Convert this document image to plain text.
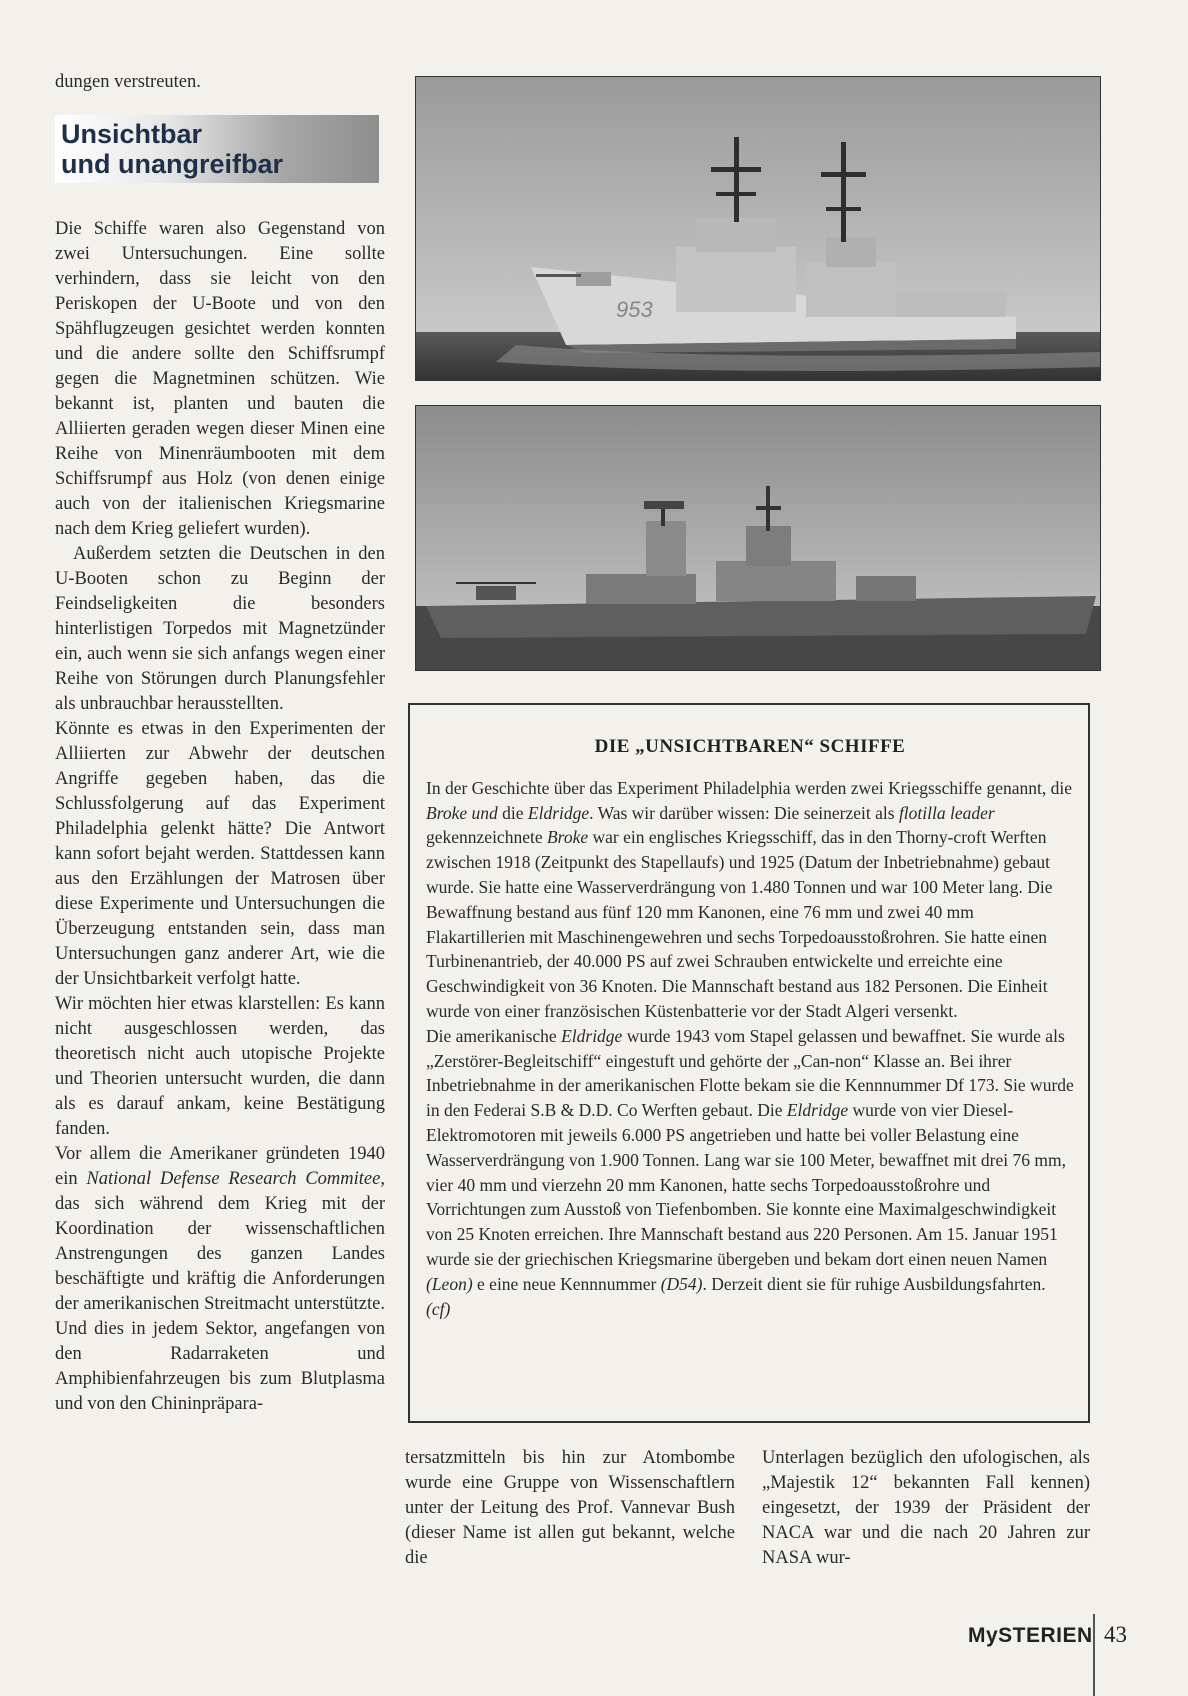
dungen verstreuten.

Unsichtbar
und unangreifbar

Die Schiffe waren also Gegenstand von zwei Untersuchungen. Eine sollte verhindern, dass sie leicht von den Periskopen der U-Boote und von den Spähflugzeugen gesichtet werden konnten und die andere sollte den Schiffsrumpf gegen die Magnetminen schützen. Wie bekannt ist, planten und bauten die Alliierten geraden wegen dieser Minen eine Reihe von Minenräumbooten mit dem Schiffsrumpf aus Holz (von denen einige auch von der italienischen Kriegsmarine nach dem Krieg geliefert wurden).

Außerdem setzten die Deutschen in den U-Booten schon zu Beginn der Feindseligkeiten die besonders hinterlistigen Torpedos mit Magnetzünder ein, auch wenn sie sich anfangs wegen einer Reihe von Störungen durch Planungsfehler als unbrauchbar herausstellten.

Könnte es etwas in den Experimenten der Alliierten zur Abwehr der deutschen Angriffe gegeben haben, das die Schlussfolgerung auf das Experiment Philadelphia gelenkt hätte? Die Antwort kann sofort bejaht werden. Stattdessen kann aus den Erzählungen der Matrosen über diese Experimente und Untersuchungen die Überzeugung entstanden sein, dass man Untersuchungen ganz anderer Art, wie die der Unsichtbarkeit verfolgt hatte.

Wir möchten hier etwas klarstellen: Es kann nicht ausgeschlossen werden, das theoretisch nicht auch utopische Projekte und Theorien untersucht wurden, die dann als es darauf ankam, keine Bestätigung fanden.

Vor allem die Amerikaner gründeten 1940 ein National Defense Research Commitee, das sich während dem Krieg mit der Koordination der wissenschaftlichen Anstrengungen des ganzen Landes beschäftigte und kräftig die Anforderungen der amerikanischen Streitmacht unterstützte. Und dies in jedem Sektor, angefangen von den Radarraketen und Amphibienfahrzeugen bis zum Blutplasma und von den Chininpräpara-

953
DIE „UNSICHTBAREN“ SCHIFFE

In der Geschichte über das Experiment Philadelphia werden zwei Kriegsschiffe genannt, die Broke und die Eldridge. Was wir darüber wissen: Die seinerzeit als flotilla leader gekennzeichnete Broke war ein englisches Kriegsschiff, das in den Thorny-croft Werften zwischen 1918 (Zeitpunkt des Stapellaufs) und 1925 (Datum der Inbetriebnahme) gebaut wurde. Sie hatte eine Wasserverdrängung von 1.480 Tonnen und war 100 Meter lang. Die Bewaffnung bestand aus fünf 120 mm Kanonen, eine 76 mm und zwei 40 mm Flakartillerien mit Maschinengewehren und sechs Torpedoausstoßrohren. Sie hatte einen Turbinenantrieb, der 40.000 PS auf zwei Schrauben entwickelte und erreichte eine Geschwindigkeit von 36 Knoten. Die Mannschaft bestand aus 182 Personen. Die Einheit wurde von einer französischen Küstenbatterie vor der Stadt Algeri versenkt.

Die amerikanische Eldridge wurde 1943 vom Stapel gelassen und bewaffnet. Sie wurde als „Zerstörer-Begleitschiff“ eingestuft und gehörte der „Can-non“ Klasse an. Bei ihrer Inbetriebnahme in der amerikanischen Flotte bekam sie die Kennnummer Df 173. Sie wurde in den Federai S.B & D.D. Co Werften gebaut. Die Eldridge wurde von vier Diesel-Elektromotoren mit jeweils 6.000 PS angetrieben und hatte bei voller Belastung eine Wasserverdrängung von 1.900 Tonnen. Lang war sie 100 Meter, bewaffnet mit drei 76 mm, vier 40 mm und vierzehn 20 mm Kanonen, hatte sechs Torpedoausstoßrohre und Vorrichtungen zum Ausstoß von Tiefenbomben. Sie konnte eine Maximalgeschwindigkeit von 25 Knoten erreichen. Ihre Mannschaft bestand aus 220 Personen. Am 15. Januar 1951 wurde sie der griechischen Kriegsmarine übergeben und bekam dort einen neuen Namen (Leon) e eine neue Kennnummer (D54). Derzeit dient sie für ruhige Ausbildungsfahrten. (cf)

tersatzmitteln bis hin zur Atombombe wurde eine Gruppe von Wissenschaftlern unter der Leitung des Prof. Vannevar Bush (dieser Name ist allen gut bekannt, welche die

Unterlagen bezüglich den ufologischen, als „Majestik 12“ bekannten Fall kennen) eingesetzt, der 1939 der Präsident der NACA war und die nach 20 Jahren zur NASA wur-

MySTERIEN 43
